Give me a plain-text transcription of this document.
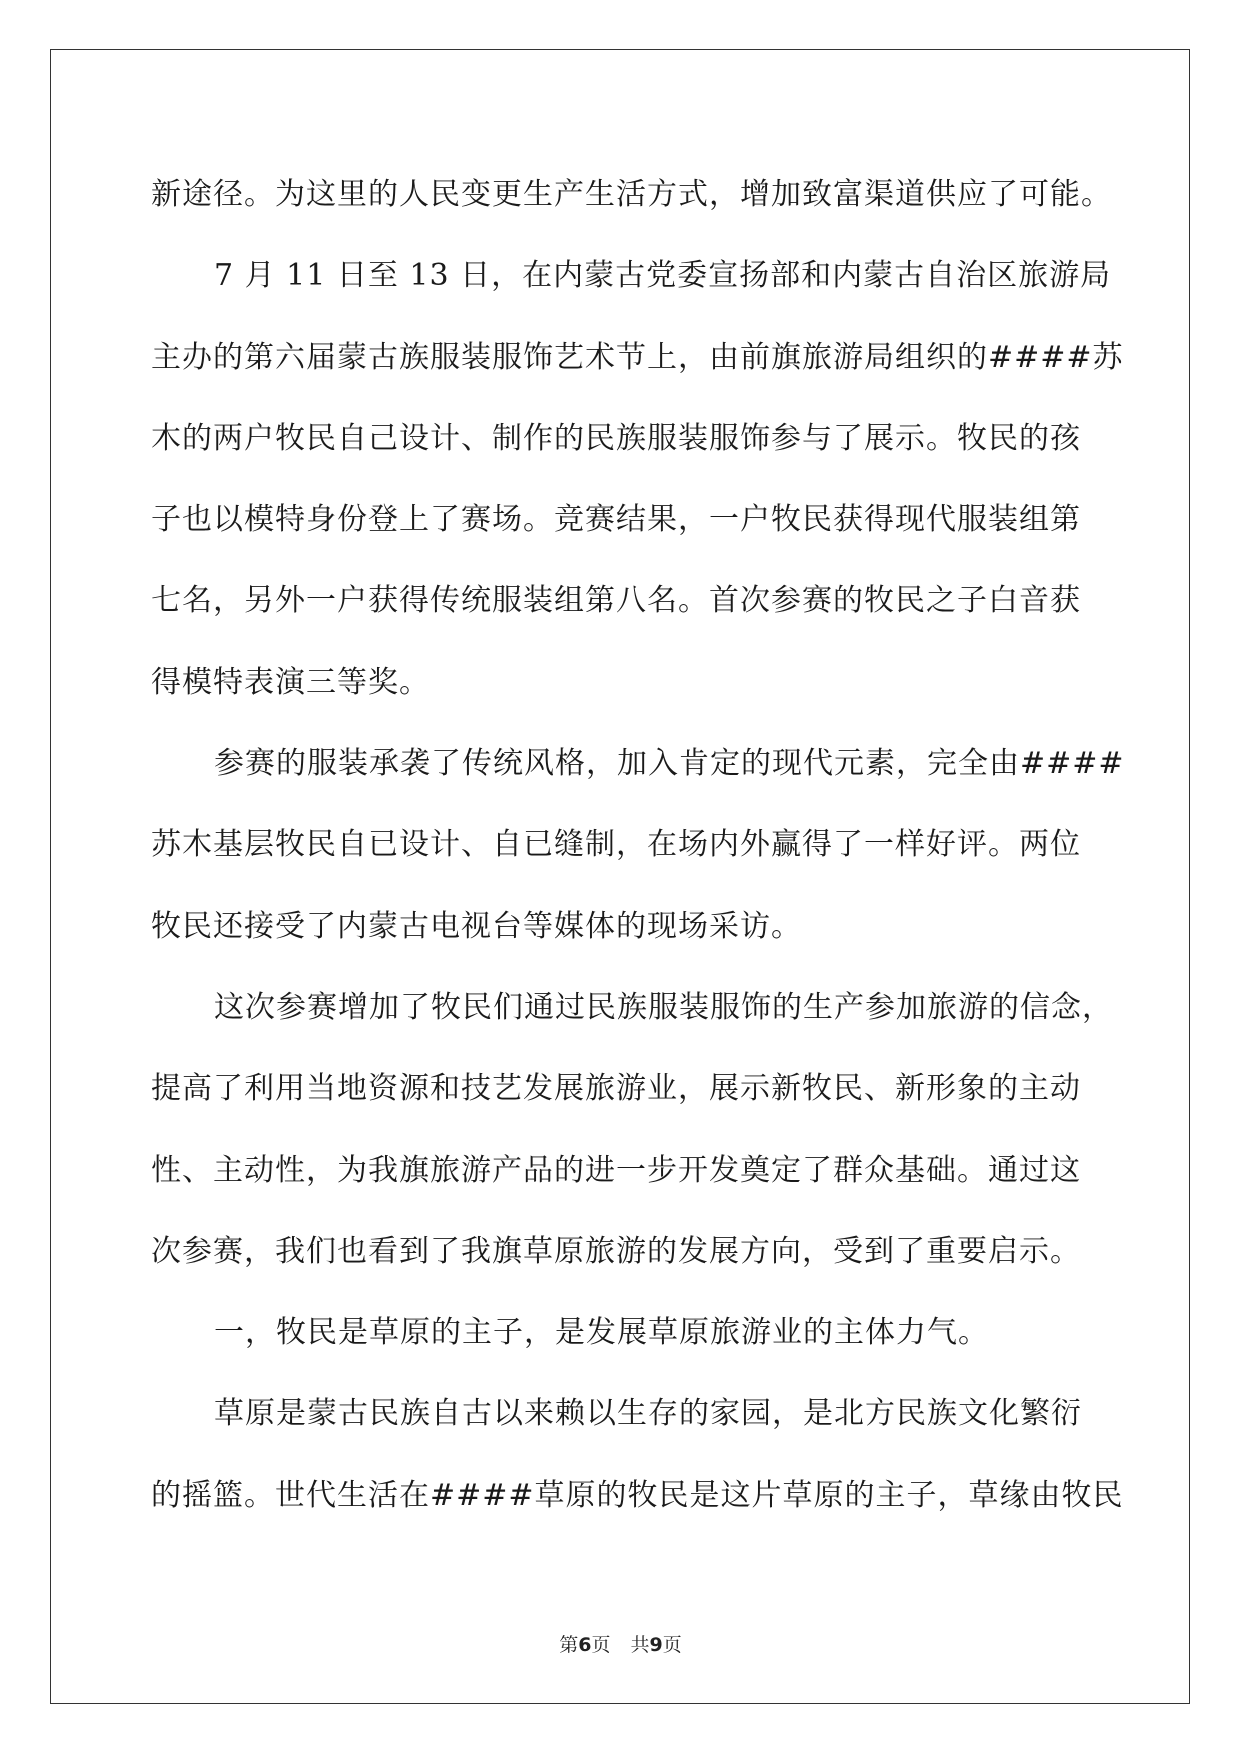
新途径。为这里的人民变更生产生活方式，增加致富渠道供应了可能。
7 月 11 日至 13 日，在内蒙古党委宣扬部和内蒙古自治区旅游局
主办的第六届蒙古族服装服饰艺术节上，由前旗旅游局组织的####苏
木的两户牧民自己设计、制作的民族服装服饰参与了展示。牧民的孩
子也以模特身份登上了赛场。竞赛结果，一户牧民获得现代服装组第
七名，另外一户获得传统服装组第八名。首次参赛的牧民之子白音获
得模特表演三等奖。
参赛的服装承袭了传统风格，加入肯定的现代元素，完全由####
苏木基层牧民自已设计、自已缝制，在场内外赢得了一样好评。两位
牧民还接受了内蒙古电视台等媒体的现场采访。
这次参赛增加了牧民们通过民族服装服饰的生产参加旅游的信念，
提高了利用当地资源和技艺发展旅游业，展示新牧民、新形象的主动
性、主动性，为我旗旅游产品的进一步开发奠定了群众基础。通过这
次参赛，我们也看到了我旗草原旅游的发展方向，受到了重要启示。
一，牧民是草原的主子，是发展草原旅游业的主体力气。
草原是蒙古民族自古以来赖以生存的家园，是北方民族文化繁衍
的摇篮。世代生活在####草原的牧民是这片草原的主子，草缘由牧民
第6页 共9页
